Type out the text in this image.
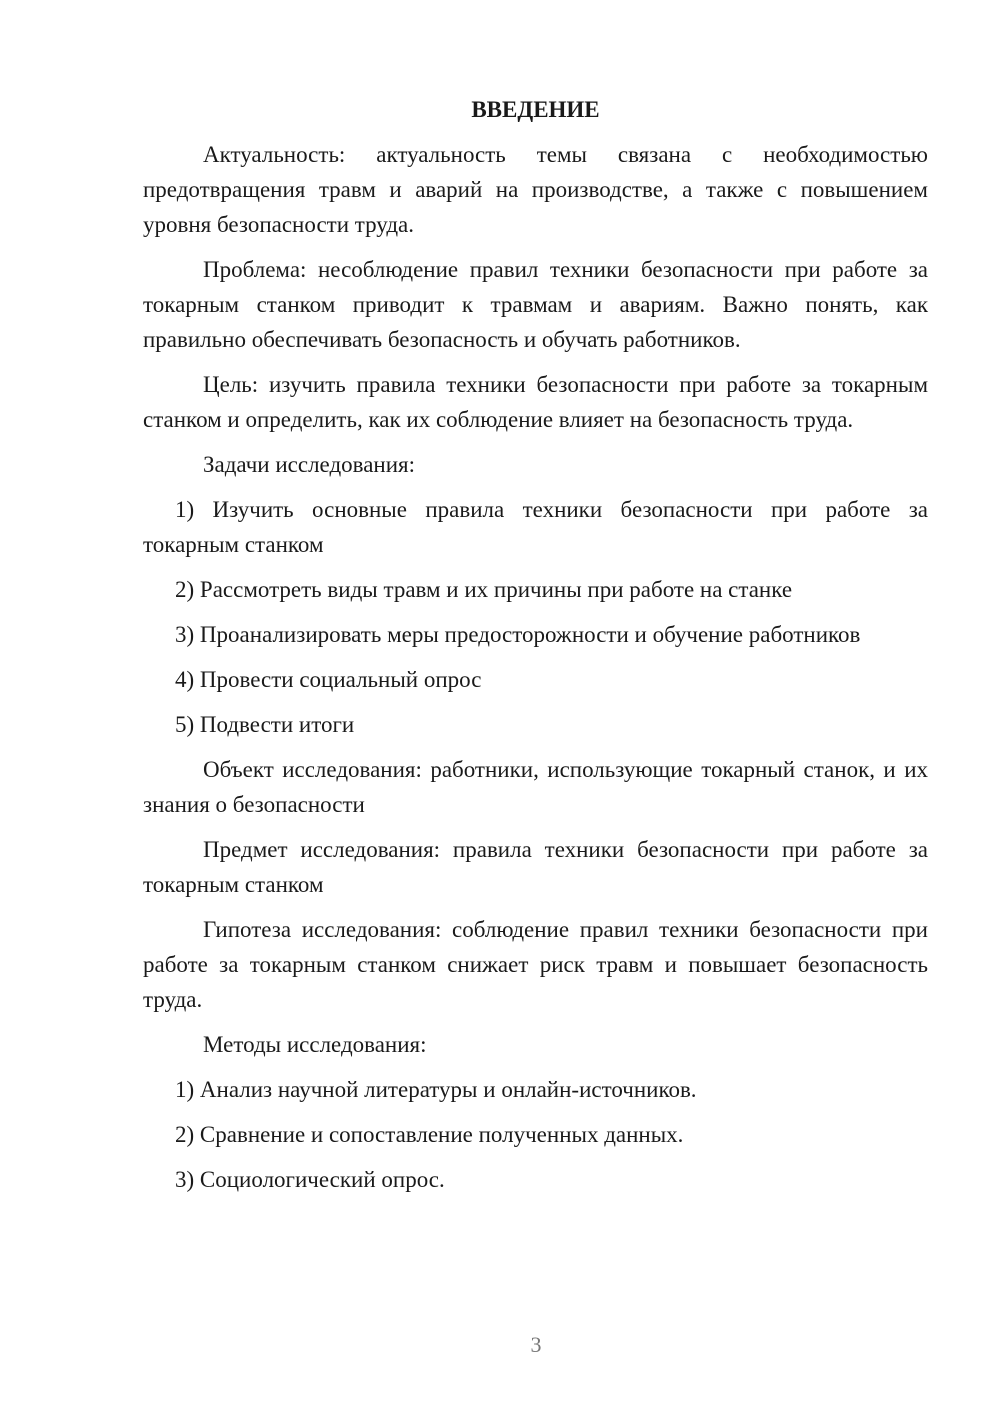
ВВЕДЕНИЕ

Актуальность: актуальность темы связана с необходимостью предотвращения травм и аварий на производстве, а также с повышением уровня безопасности труда.

Проблема: несоблюдение правил техники безопасности при работе за токарным станком приводит к травмам и авариям. Важно понять, как правильно обеспечивать безопасность и обучать работников.

Цель: изучить правила техники безопасности при работе за токарным станком и определить, как их соблюдение влияет на безопасность труда.

Задачи исследования:

1) Изучить основные правила техники безопасности при работе за токарным станком

2) Рассмотреть виды травм и их причины при работе на станке

3) Проанализировать меры предосторожности и обучение работников

4) Провести социальный опрос

5) Подвести итоги

Объект исследования: работники, использующие токарный станок, и их знания о безопасности

Предмет исследования: правила техники безопасности при работе за токарным станком

Гипотеза исследования: соблюдение правил техники безопасности при работе за токарным станком снижает риск травм и повышает безопасность труда.

Методы исследования:

1) Анализ научной литературы и онлайн-источников.

2) Сравнение и сопоставление полученных данных.

3) Социологический опрос.

3
